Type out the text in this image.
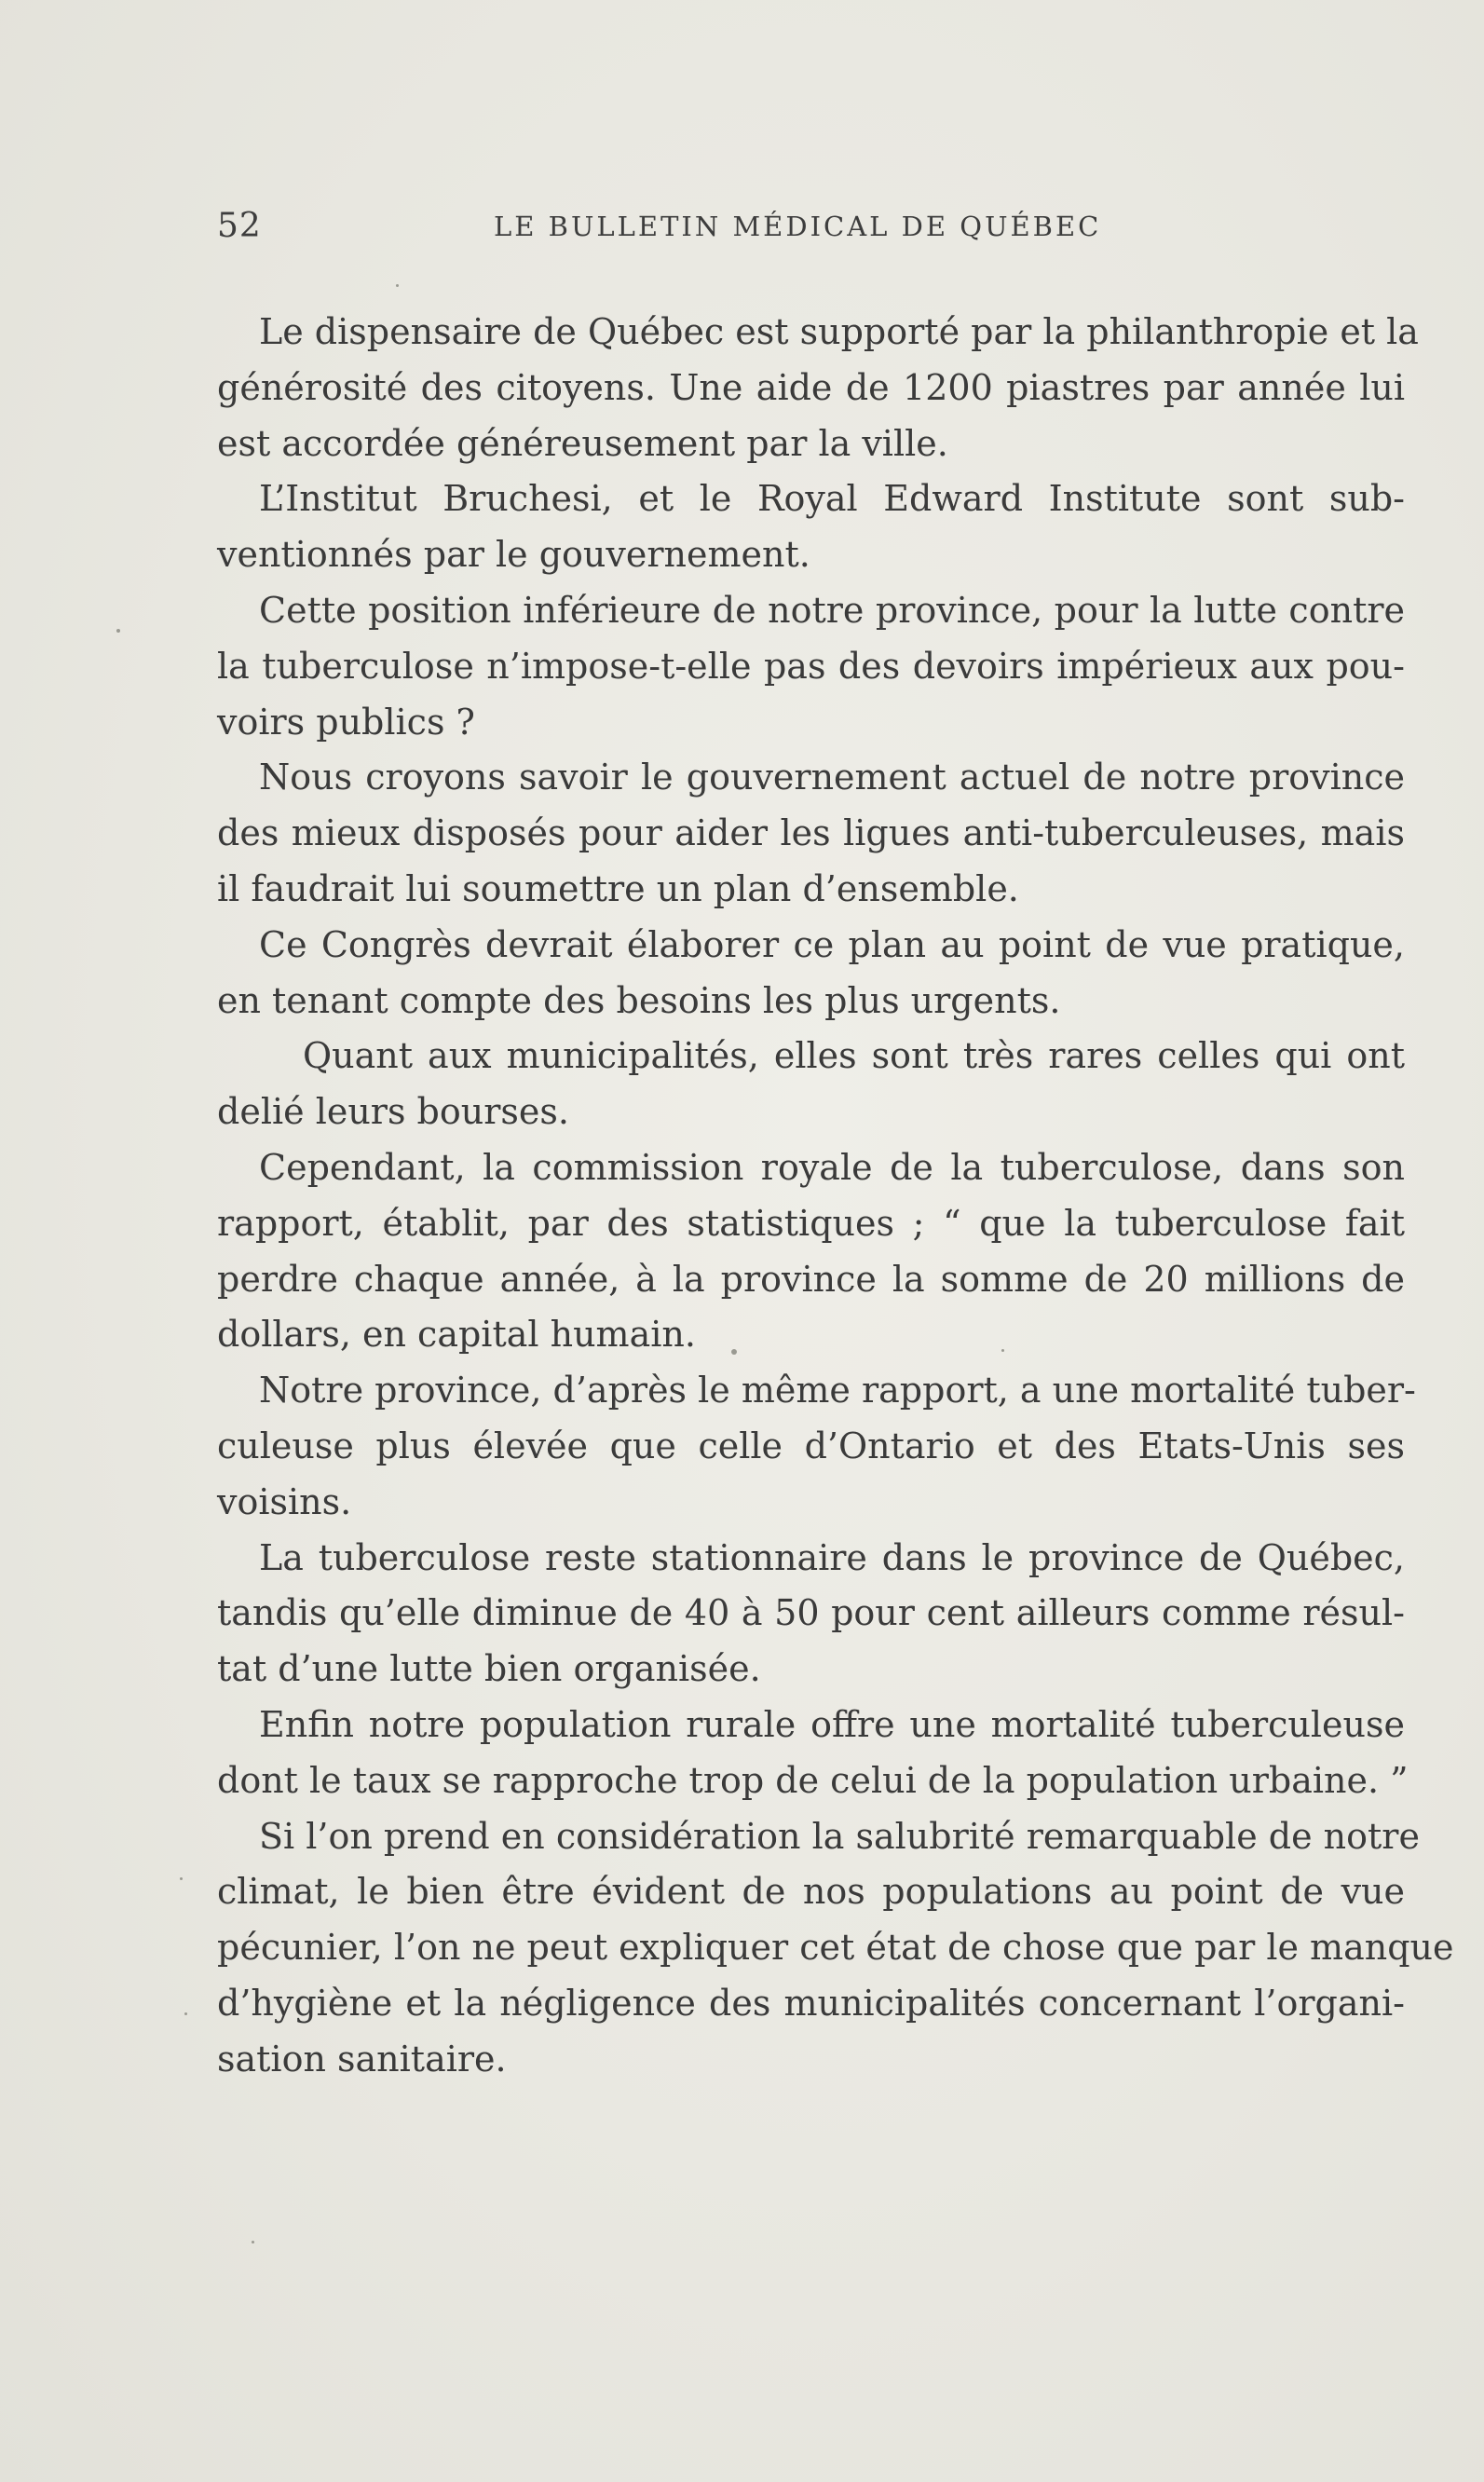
52	LE BULLETIN MÉDICAL DE QUÉBEC
Le dispensaire de Québec est supporté par la philanthropie et la
générosité des citoyens. Une aide de 1200 piastres par année lui
est accordée généreusement par la ville.
L’Institut Bruchesi, et le Royal Edward Institute sont sub-
ventionnés par le gouvernement.
Cette position inférieure de notre province, pour la lutte contre
la tuberculose n’impose-t-elle pas des devoirs impérieux aux pou-
voirs publics ?
Nous croyons savoir le gouvernement actuel de notre province
des mieux disposés pour aider les ligues anti-tuberculeuses, mais
il faudrait lui soumettre un plan d’ensemble.
Ce Congrès devrait élaborer ce plan au point de vue pratique,
en tenant compte des besoins les plus urgents.
Quant aux municipalités, elles sont très rares celles qui ont
delié leurs bourses.
Cependant, la commission royale de la tuberculose, dans son
rapport, établit, par des statistiques ; “ que la tuberculose fait
perdre chaque année, à la province la somme de 20 millions de
dollars, en capital humain.
Notre province, d’après le même rapport, a une mortalité tuber-
culeuse plus élevée que celle d’Ontario et des Etats-Unis ses
voisins.
La tuberculose reste stationnaire dans le province de Québec,
tandis qu’elle diminue de 40 à 50 pour cent ailleurs comme résul-
tat d’une lutte bien organisée.
Enfin notre population rurale offre une mortalité tuberculeuse
dont le taux se rapproche trop de celui de la population urbaine. ”
Si l’on prend en considération la salubrité remarquable de notre
climat, le bien être évident de nos populations au point de vue
pécunier, l’on ne peut expliquer cet état de chose que par le manque
d’hygiène et la négligence des municipalités concernant l’organi-
sation sanitaire.
